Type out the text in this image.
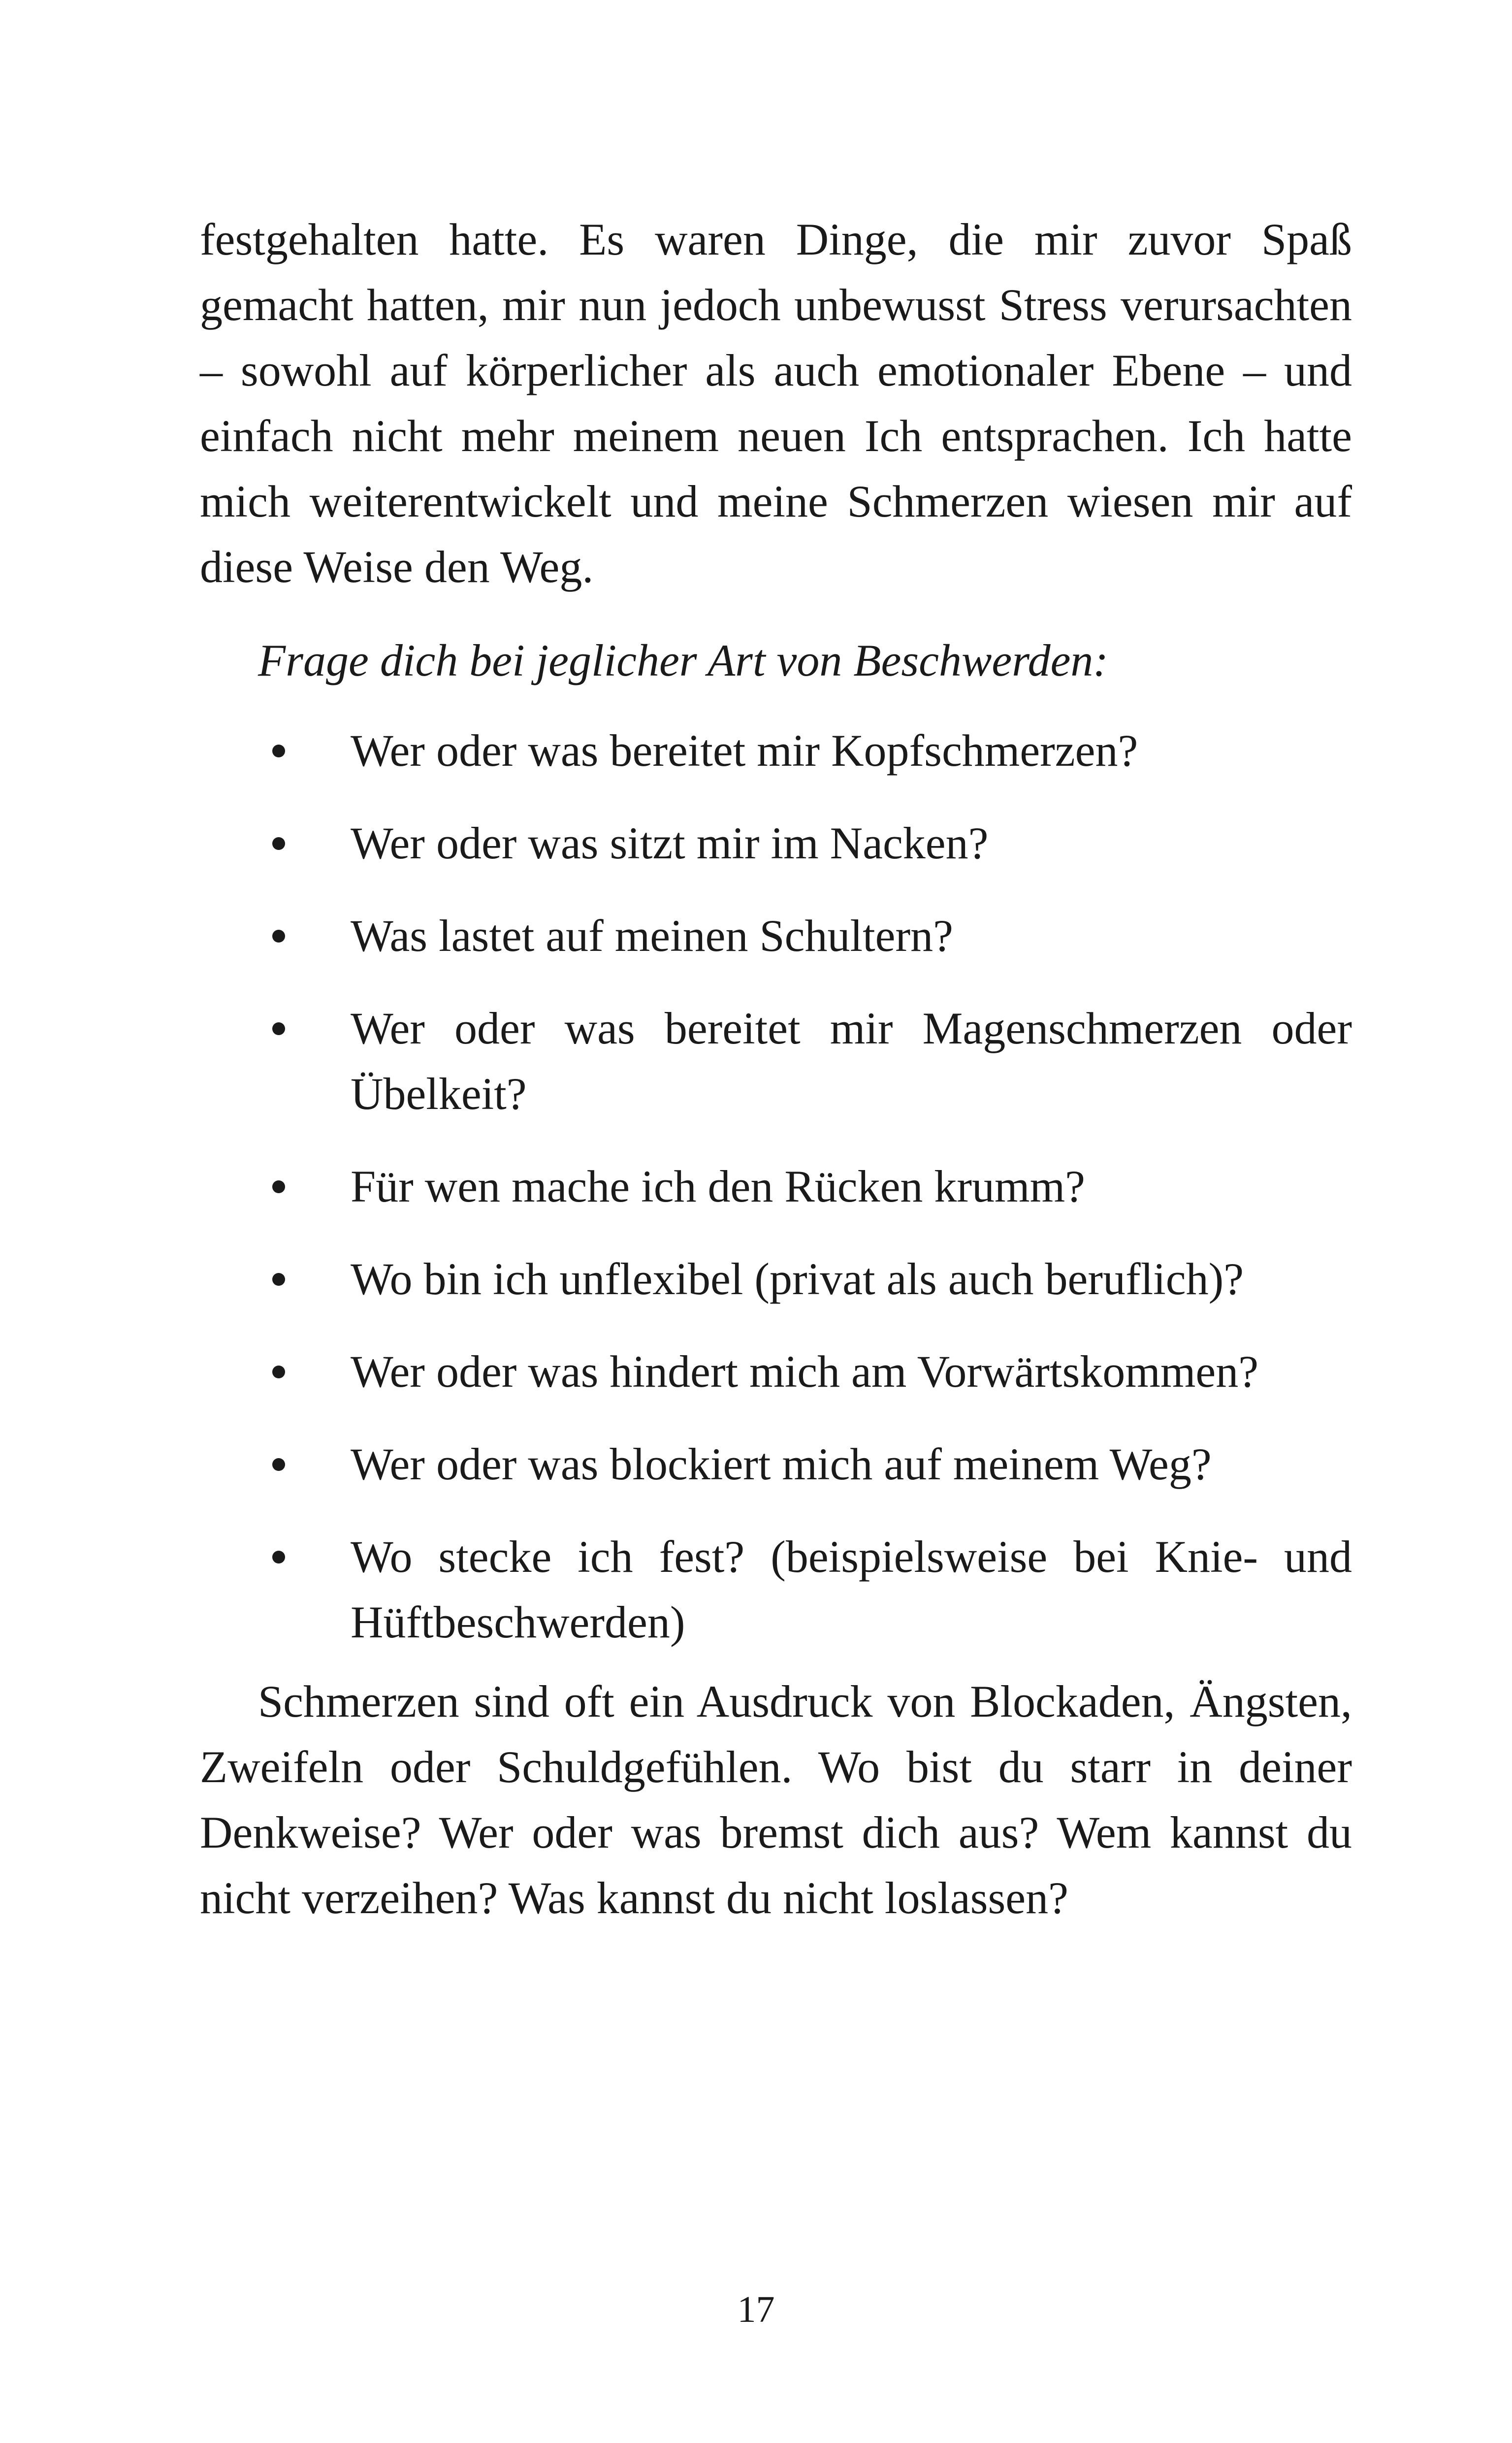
festgehalten hatte. Es waren Dinge, die mir zuvor Spaß gemacht hatten, mir nun jedoch unbewusst Stress verursachten – sowohl auf körperlicher als auch emotionaler Ebene – und einfach nicht mehr meinem neuen Ich entsprachen. Ich hatte mich weiterentwickelt und meine Schmerzen wiesen mir auf diese Weise den Weg.

Frage dich bei jeglicher Art von Beschwerden:

Wer oder was bereitet mir Kopfschmerzen?
Wer oder was sitzt mir im Nacken?
Was lastet auf meinen Schultern?
Wer oder was bereitet mir Magenschmerzen oder Übelkeit?
Für wen mache ich den Rücken krumm?
Wo bin ich unflexibel (privat als auch beruflich)?
Wer oder was hindert mich am Vorwärtskommen?
Wer oder was blockiert mich auf meinem Weg?
Wo stecke ich fest? (beispielsweise bei Knie- und Hüftbeschwerden)

Schmerzen sind oft ein Ausdruck von Blockaden, Ängsten, Zweifeln oder Schuldgefühlen. Wo bist du starr in deiner Denkweise? Wer oder was bremst dich aus? Wem kannst du nicht verzeihen? Was kannst du nicht loslassen?

17
